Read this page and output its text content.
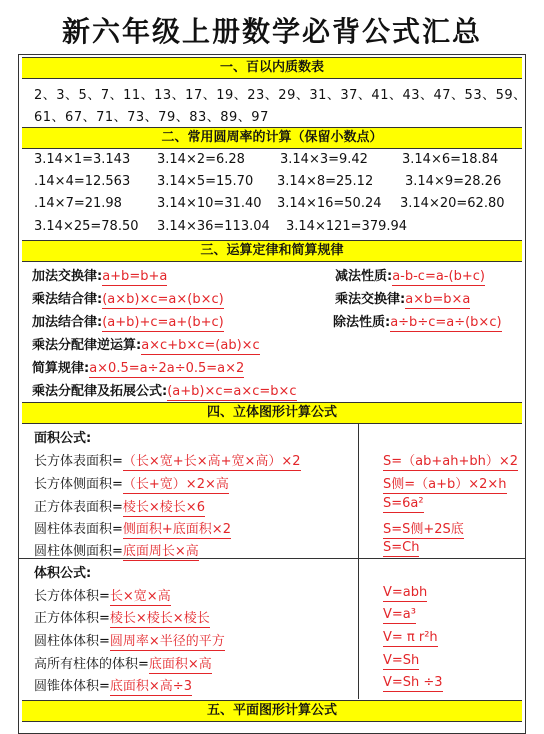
新六年级上册数学必背公式汇总
一、百以内质数表
2、3、5、7、11、13、17、19、23、29、31、37、41、43、47、53、59、
61、67、71、73、79、83、89、97
二、常用圆周率的计算（保留小数点）
3.14×1=3.143 3.14×2=6.28	3.14×3=9.42	3.14×6=18.84
.14×4=12.563 3.14×5=15.70 3.14×8=25.12 3.14×9=28.26
.14×7=21.98	3.14×10=31.40 3.14×16=50.24 3.14×20=62.80
3.14×25=78.50 3.14×36=113.04 3.14×121=379.94
三、运算定律和简算规律
加法交换律:a+b=b+a	减法性质:a-b-c=a-(b+c)
乘法结合律:(a×b)×c=a×(b×c)	乘法交换律:a×b=b×a
加法结合律:(a+b)+c=a+(b+c)	除法性质:a÷b÷c=a÷(b×c)
乘法分配律逆运算:a×c+b×c=(ab)×c
简算规律:a×0.5=a÷2a÷0.5=a×2
乘法分配律及拓展公式:(a+b)×c=a×c=b×c
四、立体图形计算公式
面积公式:
长方体表面积=（长×宽+长×高+宽×高）×2	S=（ab+ah+bh）×2
长方体侧面积=（长+宽）×2×高	S侧=（a+b）×2×h
正方体表面积=棱长×棱长×6	S=6a²
圆柱体表面积=侧面积+底面积×2	S=S侧+2S底
圆柱体侧面积=底面周长×高	S=Ch
体积公式:
长方体体积=长×宽×高	V=abh
正方体体积=棱长×棱长×棱长	V=a³
圆柱体体积=圆周率×半径的平方	V= π r²h
高所有柱体的体积=底面积×高	V=Sh
圆锥体体积=底面积×高÷3	V=Sh ÷3
五、平面图形计算公式
